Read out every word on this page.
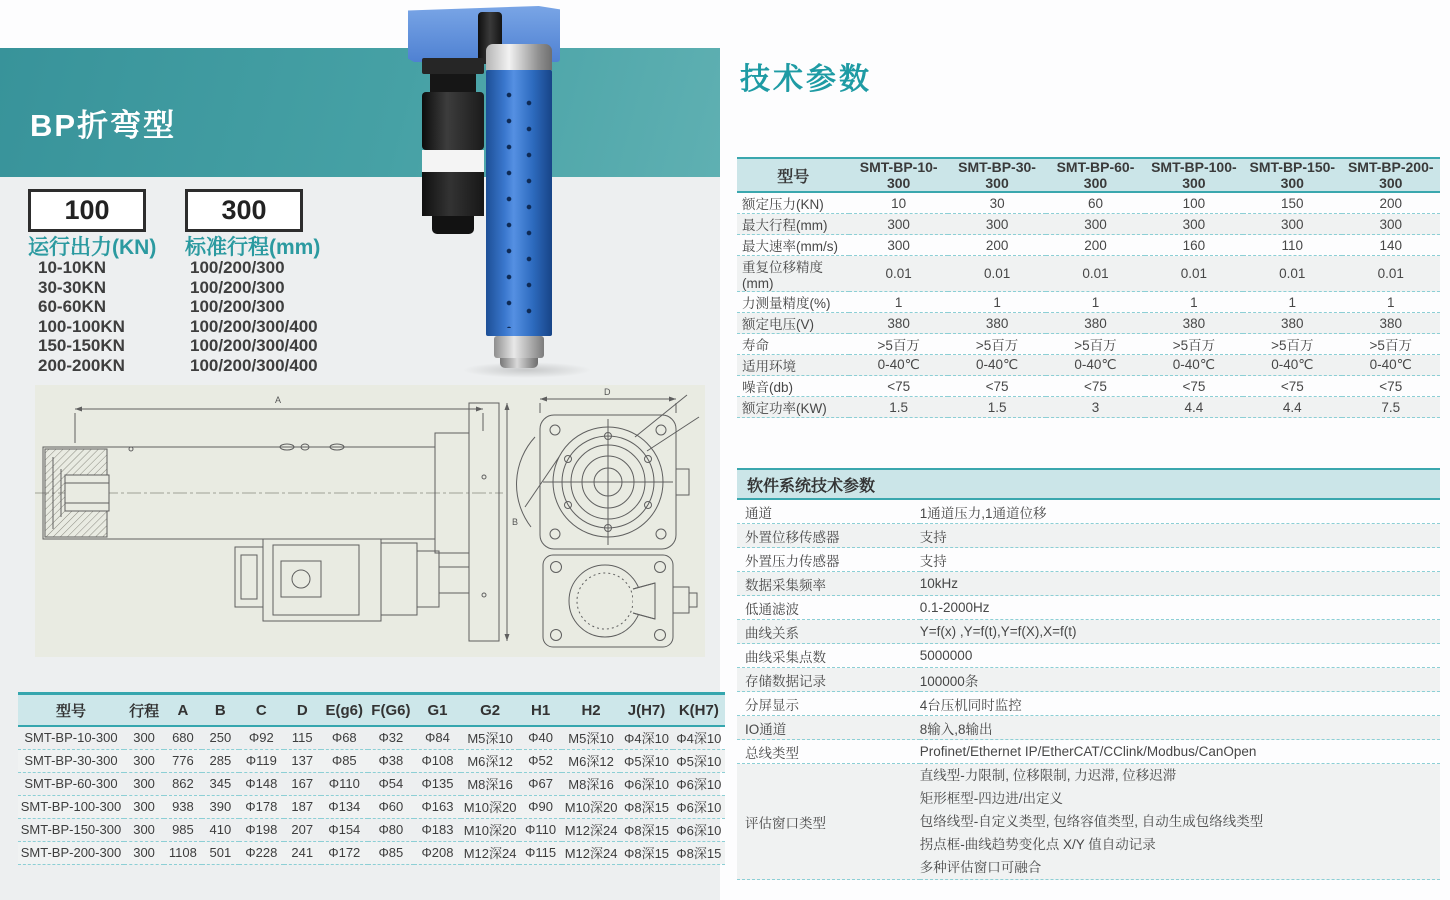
BP折弯型
100	300
运行出力(KN) 标准行程(mm)
10-10KN
30-30KN
60-60KN
100-100KN
150-150KN
200-200KN
100/200/300
100/200/300
100/200/300
100/200/300/400
100/200/300/400
100/200/300/400
A
B
D
型号	行程	A	B	C	D	E(g6)	F(G6)	G1	G2	H1	H2	J(H7)	K(H7)
SMT-BP-10-300	300	680	250	Φ92	115	Φ68	Φ32	Φ84	M5深10	Φ40	M5深10	Φ4深10	Φ4深10
SMT-BP-30-300	300	776	285	Φ119	137	Φ85	Φ38	Φ108	M6深12	Φ52	M6深12	Φ5深10	Φ5深10
SMT-BP-60-300	300	862	345	Φ148	167	Φ110	Φ54	Φ135	M8深16	Φ67	M8深16	Φ6深10	Φ6深10
SMT-BP-100-300	300	938	390	Φ178	187	Φ134	Φ60	Φ163	M10深20	Φ90	M10深20	Φ8深15	Φ6深10
SMT-BP-150-300	300	985	410	Φ198	207	Φ154	Φ80	Φ183	M10深20	Φ110	M12深24	Φ8深15	Φ6深10
SMT-BP-200-300	300	1108	501	Φ228	241	Φ172	Φ85	Φ208	M12深24	Φ115	M12深24	Φ8深15	Φ8深15
技术参数
型号	SMT-BP-10-300	SMT-BP-30-300	SMT-BP-60-300	SMT-BP-100-300	SMT-BP-150-300	SMT-BP-200-300
额定压力(KN)	10	30	60	100	150	200
最大行程(mm)	300	300	300	300	300	300
最大速率(mm/s)	300	200	200	160	110	140
重复位移精度(mm)	0.01	0.01	0.01	0.01	0.01	0.01
力测量精度(%)	1	1	1	1	1	1
额定电压(V)	380	380	380	380	380	380
寿命	>5百万	>5百万	>5百万	>5百万	>5百万	>5百万
适用环境	0-40℃	0-40℃	0-40℃	0-40℃	0-40℃	0-40℃
噪音(db)	<75	<75	<75	<75	<75	<75
额定功率(KW)	1.5	1.5	3	4.4	4.4	7.5
软件系统技术参数	
通道	1通道压力,1通道位移
外置位移传感器	支持
外置压力传感器	支持
数据采集频率	10kHz
低通滤波	0.1-2000Hz
曲线关系	Y=f(x) ,Y=f(t),Y=f(X),X=f(t)
曲线采集点数	5000000
存储数据记录	100000条
分屏显示	4台压机同时监控
IO通道	8输入,8输出
总线类型	Profinet/Ethernet IP/EtherCAT/CClink/Modbus/CanOpen
评估窗口类型	直线型-力限制, 位移限制, 力迟滞, 位移迟滞
矩形框型-四边进/出定义
包络线型-自定义类型, 包络容值类型, 自动生成包络线类型
拐点框-曲线趋势变化点 X/Y 值自动记录
多种评估窗口可融合
